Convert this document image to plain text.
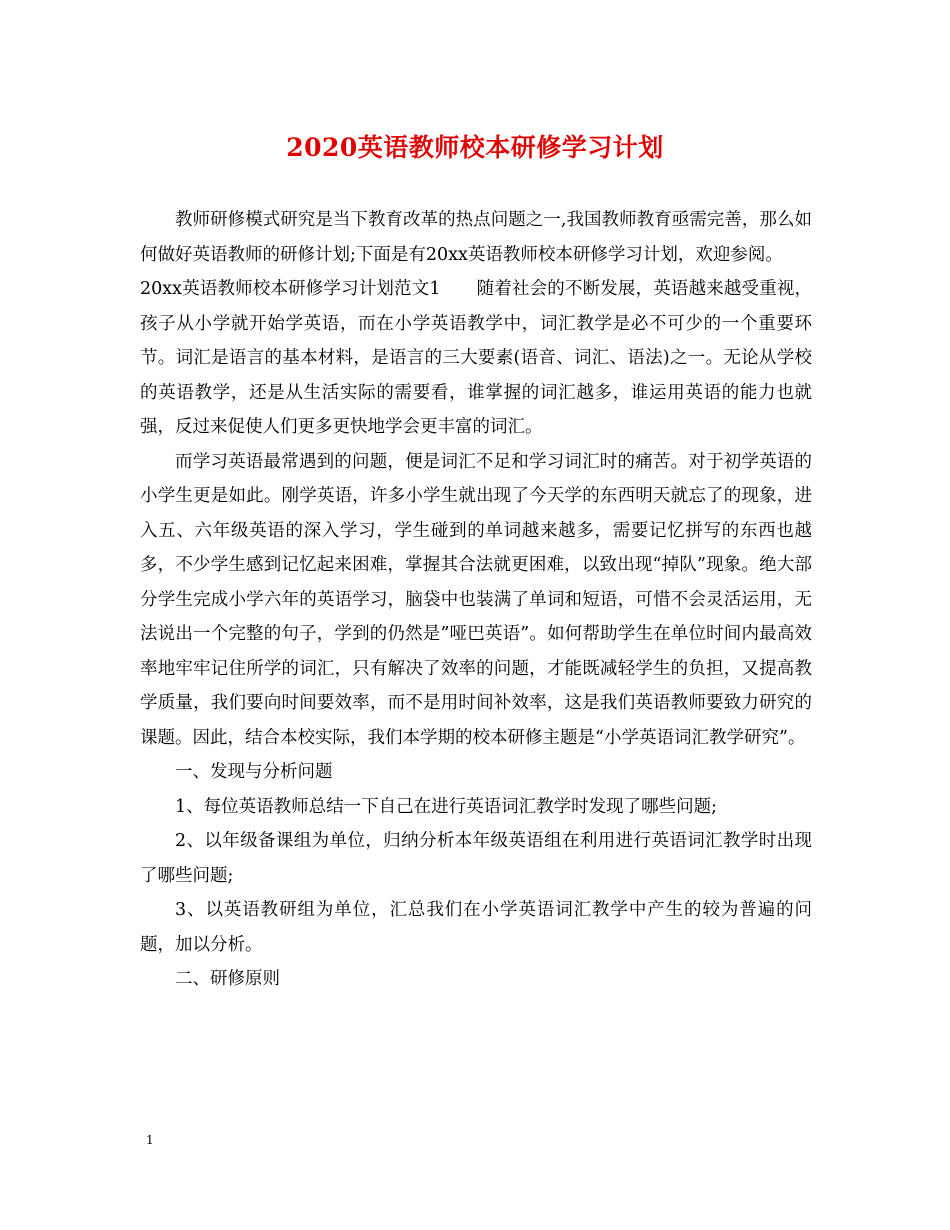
2020英语教师校本研修学习计划

教师研修模式研究是当下教育改革的热点问题之一,我国教师教育亟需完善，那么如何做好英语教师的研修计划;下面是有20xx英语教师校本研修学习计划，欢迎参阅。

20xx英语教师校本研修学习计划范文1 随着社会的不断发展，英语越来越受重视，孩子从小学就开始学英语，而在小学英语教学中，词汇教学是必不可少的一个重要环节。词汇是语言的基本材料，是语言的三大要素(语音、词汇、语法)之一。无论从学校的英语教学，还是从生活实际的需要看，谁掌握的词汇越多，谁运用英语的能力也就强，反过来促使人们更多更快地学会更丰富的词汇。

而学习英语最常遇到的问题，便是词汇不足和学习词汇时的痛苦。对于初学英语的小学生更是如此。刚学英语，许多小学生就出现了今天学的东西明天就忘了的现象，进入五、六年级英语的深入学习，学生碰到的单词越来越多，需要记忆拼写的东西也越多，不少学生感到记忆起来困难，掌握其合法就更困难，以致出现“掉队”现象。绝大部分学生完成小学六年的英语学习，脑袋中也装满了单词和短语，可惜不会灵活运用，无法说出一个完整的句子，学到的仍然是”哑巴英语”。如何帮助学生在单位时间内最高效率地牢牢记住所学的词汇，只有解决了效率的问题，才能既减轻学生的负担，又提高教学质量，我们要向时间要效率，而不是用时间补效率，这是我们英语教师要致力研究的课题。因此，结合本校实际，我们本学期的校本研修主题是“小学英语词汇教学研究”。

一、发现与分析问题

1、每位英语教师总结一下自己在进行英语词汇教学时发现了哪些问题;

2、以年级备课组为单位，归纳分析本年级英语组在利用进行英语词汇教学时出现了哪些问题;

3、以英语教研组为单位，汇总我们在小学英语词汇教学中产生的较为普遍的问题，加以分析。

二、研修原则

1
